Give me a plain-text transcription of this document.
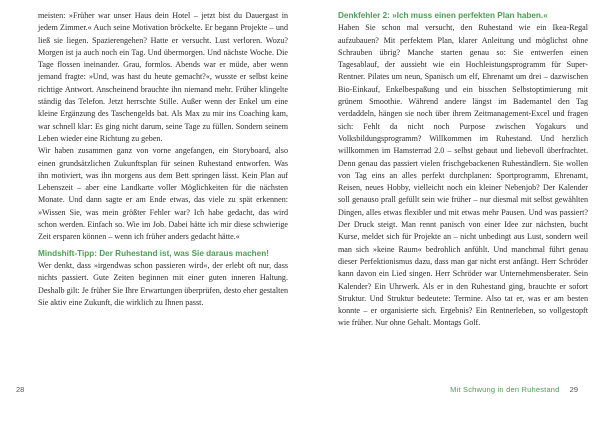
meisten: »Früher war unser Haus dein Hotel – jetzt bist du Dauergast in jedem Zimmer.« Auch seine Motivation bröckelte. Er begann Projekte – und ließ sie liegen. Spazierengehen? Hatte er versucht. Lust verloren. Wozu? Morgen ist ja auch noch ein Tag. Und übermorgen. Und nächste Woche. Die Tage flossen ineinander. Grau, formlos. Abends war er müde, aber wenn jemand fragte: »Und, was hast du heute gemacht?«, wusste er selbst keine richtige Antwort. Anscheinend brauchte ihn niemand mehr. Früher klingelte ständig das Telefon. Jetzt herrschte Stille. Außer wenn der Enkel um eine kleine Ergänzung des Taschengelds bat. Als Max zu mir ins Coaching kam, war schnell klar: Es ging nicht darum, seine Tage zu füllen. Sondern seinem Leben wieder eine Richtung zu geben.

Wir haben zusammen ganz von vorne angefangen, ein Storyboard, also einen grundsätzlichen Zukunftsplan für seinen Ruhestand entworfen. Was ihn motiviert, was ihn morgens aus dem Bett springen lässt. Kein Plan auf Lebenszeit – aber eine Landkarte voller Möglichkeiten für die nächsten Monate. Und dann sagte er am Ende etwas, das viele zu spät erkennen: »Wissen Sie, was mein größter Fehler war? Ich habe gedacht, das wird schon werden. Einfach so. Wie im Job. Dabei hätte ich mir diese schwierige Zeit ersparen können – wenn ich früher anders gedacht hätte.«

Mindshift-Tipp: Der Ruhestand ist, was Sie daraus machen!

Wer denkt, dass »irgendwas schon passieren wird«, der erlebt oft nur, dass nichts passiert. Gute Zeiten beginnen mit einer guten inneren Haltung. Deshalb gilt: Je früher Sie Ihre Erwartungen überprüfen, desto eher gestalten Sie aktiv eine Zukunft, die wirklich zu Ihnen passt.

Denkfehler 2: »Ich muss einen perfekten Plan haben.«

Haben Sie schon mal versucht, den Ruhestand wie ein Ikea-Regal aufzubauen? Mit perfektem Plan, klarer Anleitung und möglichst ohne Schrauben übrig? Manche starten genau so: Sie entwerfen einen Tagesablauf, der aussieht wie ein Hochleistungsprogramm für Super-Rentner. Pilates um neun, Spanisch um elf, Ehrenamt um drei – dazwischen Bio-Einkauf, Enkelbespaßung und ein bisschen Selbstoptimierung mit grünem Smoothie. Während andere längst im Bademantel den Tag verdaddeln, hängen sie noch über ihrem Zeitmanagement-Excel und fragen sich: Fehlt da nicht noch Purpose zwischen Yogakurs und Volksbildungsprogramm? Willkommen im Ruhestand. Und herzlich willkommen im Hamsterrad 2.0 – selbst gebaut und liebevoll überfrachtet. Denn genau das passiert vielen frischgebackenen Ruheständlern. Sie wollen von Tag eins an alles perfekt durchplanen: Sportprogramm, Ehrenamt, Reisen, neues Hobby, vielleicht noch ein kleiner Nebenjob? Der Kalender soll genauso prall gefüllt sein wie früher – nur diesmal mit selbst gewählten Dingen, alles etwas flexibler und mit etwas mehr Pausen. Und was passiert? Der Druck steigt. Man rennt panisch von einer Idee zur nächsten, bucht Kurse, meldet sich für Projekte an – nicht unbedingt aus Lust, sondern weil man sich »keine Raum« bedrohlich anfühlt. Und manchmal führt genau dieser Perfektionismus dazu, dass man gar nicht erst anfängt. Herr Schröder kann davon ein Lied singen. Herr Schröder war Unternehmensberater. Sein Kalender? Ein Uhrwerk. Als er in den Ruhestand ging, brauchte er sofort Struktur. Und Struktur bedeutete: Termine. Also tat er, was er am besten konnte – er organisierte sich. Ergebnis? Ein Rentnerleben, so vollgestopft wie früher. Nur ohne Gehalt. Montags Golf.

28	Mit Schwung in den Ruhestand 29
